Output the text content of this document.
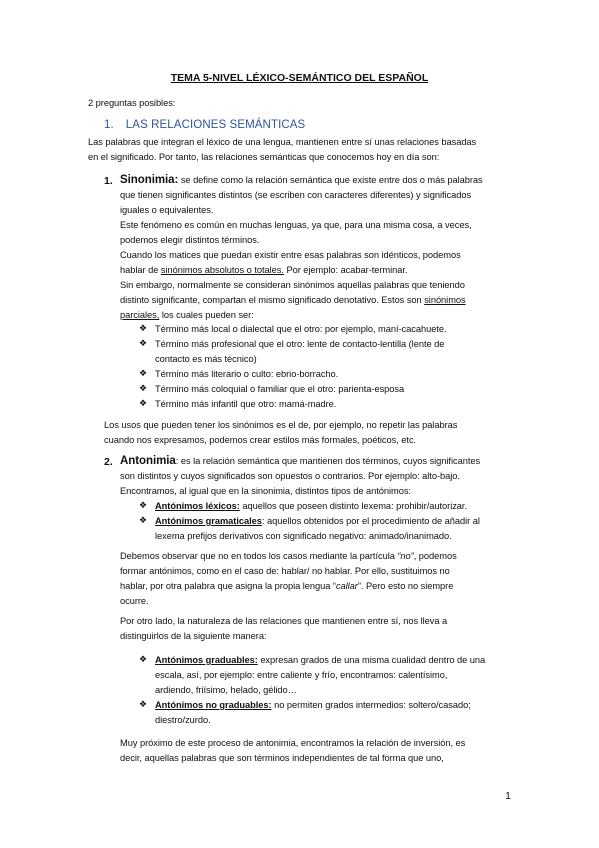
TEMA 5-NIVEL LÉXICO-SEMÁNTICO DEL ESPAÑOL
2 preguntas posibles:
1. LAS RELACIONES SEMÁNTICAS

Las palabras que integran el léxico de una lengua, mantienen entre sí unas relaciones basadas

en el significado. Por tanto, las relaciones semánticas que conocemos hoy en día son:

1. Sinonimia: se define como la relación semántica que existe entre dos o más palabras

que tienen significantes distintos (se escriben con caracteres diferentes) y significados

iguales o equivalentes.

Este fenómeno es común en muchas lenguas, ya que, para una misma cosa, a veces,

podemos elegir distintos términos.

Cuando los matices que puedan existir entre esas palabras son idénticos, podemos

hablar de sinónimos absolutos o totales. Por ejemplo: acabar-terminar.

Sin embargo, normalmente se consideran sinónimos aquellas palabras que teniendo

distinto significante, compartan el mismo significado denotativo. Estos son sinónimos

parciales, los cuales pueden ser:

❖ Término más local o dialectal que el otro: por ejemplo, maní-cacahuete.
❖ Término más profesional que el otro: lente de contacto-lentilla (lente de
contacto es más técnico)
❖ Término más literario o culto: ebrio-borracho.
❖ Término más coloquial o familiar que el otro: parienta-esposa
❖ Término más infantil que otro: mamá-madre.

Los usos que pueden tener los sinónimos es el de, por ejemplo, no repetir las palabras

cuando nos expresamos, podemos crear estilos más formales, poéticos, etc.

2. Antonimia: es la relación semántica que mantienen dos términos, cuyos significantes

son distintos y cuyos significados son opuestos o contrarios. Por ejemplo: alto-bajo.

Encontramos, al igual que en la sinonimia, distintos tipos de antónimos:

❖ Antónimos léxicos: aquellos que poseen distinto lexema: prohibir/autorizar.
❖ Antónimos gramaticales: aquellos obtenidos por el procedimiento de añadir al
lexema prefijos derivativos con significado negativo: animado/inanimado.

Debemos observar que no en todos los casos mediante la partícula “no”, podemos

formar antónimos, como en el caso de: hablar/ no hablar. Por ello, sustituimos no

hablar, por otra palabra que asigna la propia lengua “callar”. Pero esto no siempre

ocurre.

Por otro lado, la naturaleza de las relaciones que mantienen entre sí, nos lleva a

distinguirlos de la siguiente manera:

❖ Antónimos graduables: expresan grados de una misma cualidad dentro de una
escala, así, por ejemplo: entre caliente y frío, encontramos: calentísimo,
ardiendo, friísimo, helado, gélido…
❖ Antónimos no graduables: no permiten grados intermedios: soltero/casado;
diestro/zurdo.

Muy próximo de este proceso de antonimia, encontramos la relación de inversión, es

decir, aquellas palabras que son términos independientes de tal forma que uno,

1
